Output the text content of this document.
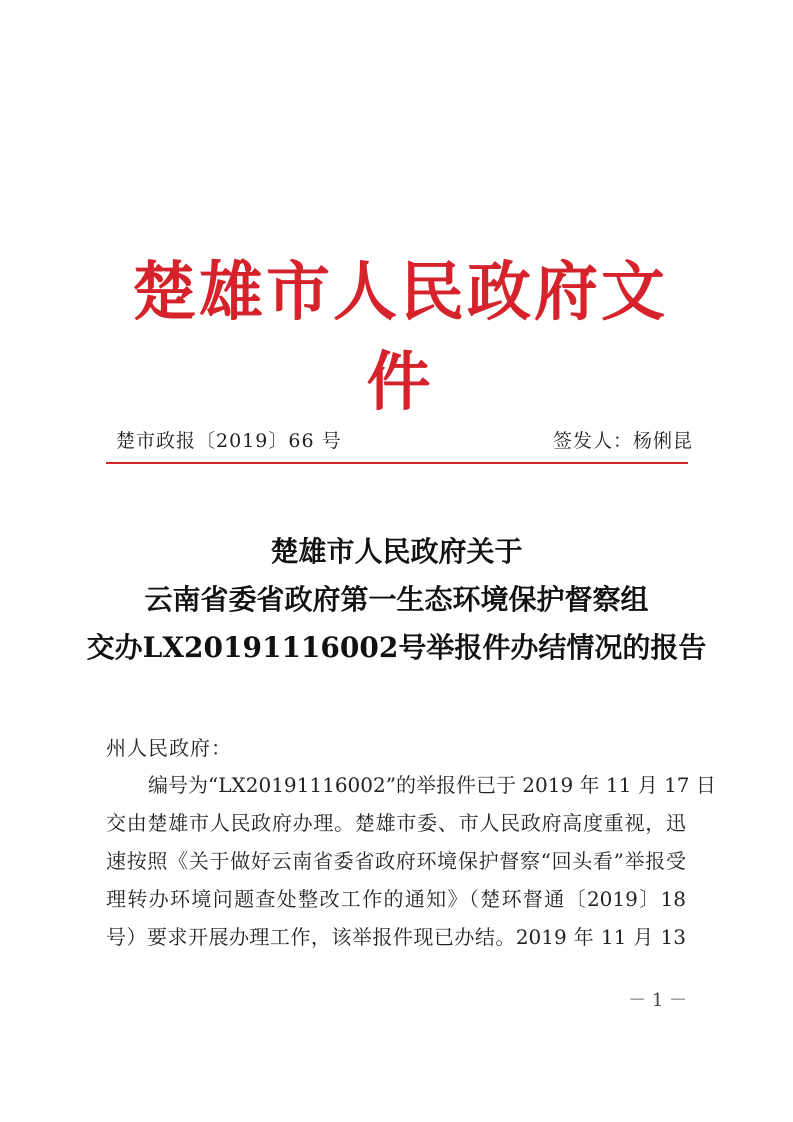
楚雄市人民政府文件
楚市政报〔2019〕66 号	签发人：杨俐昆
楚雄市人民政府关于
云南省委省政府第一生态环境保护督察组
交办LX20191116002号举报件办结情况的报告
州人民政府：
编号为“LX20191116002”的举报件已于 2019 年 11 月 17 日
交由楚雄市人民政府办理。楚雄市委、市人民政府高度重视，迅
速按照《关于做好云南省委省政府环境保护督察“回头看”举报受
理转办环境问题查处整改工作的通知》（楚环督通〔2019〕18
号）要求开展办理工作，该举报件现已办结。2019 年 11 月 13
－ 1 －
